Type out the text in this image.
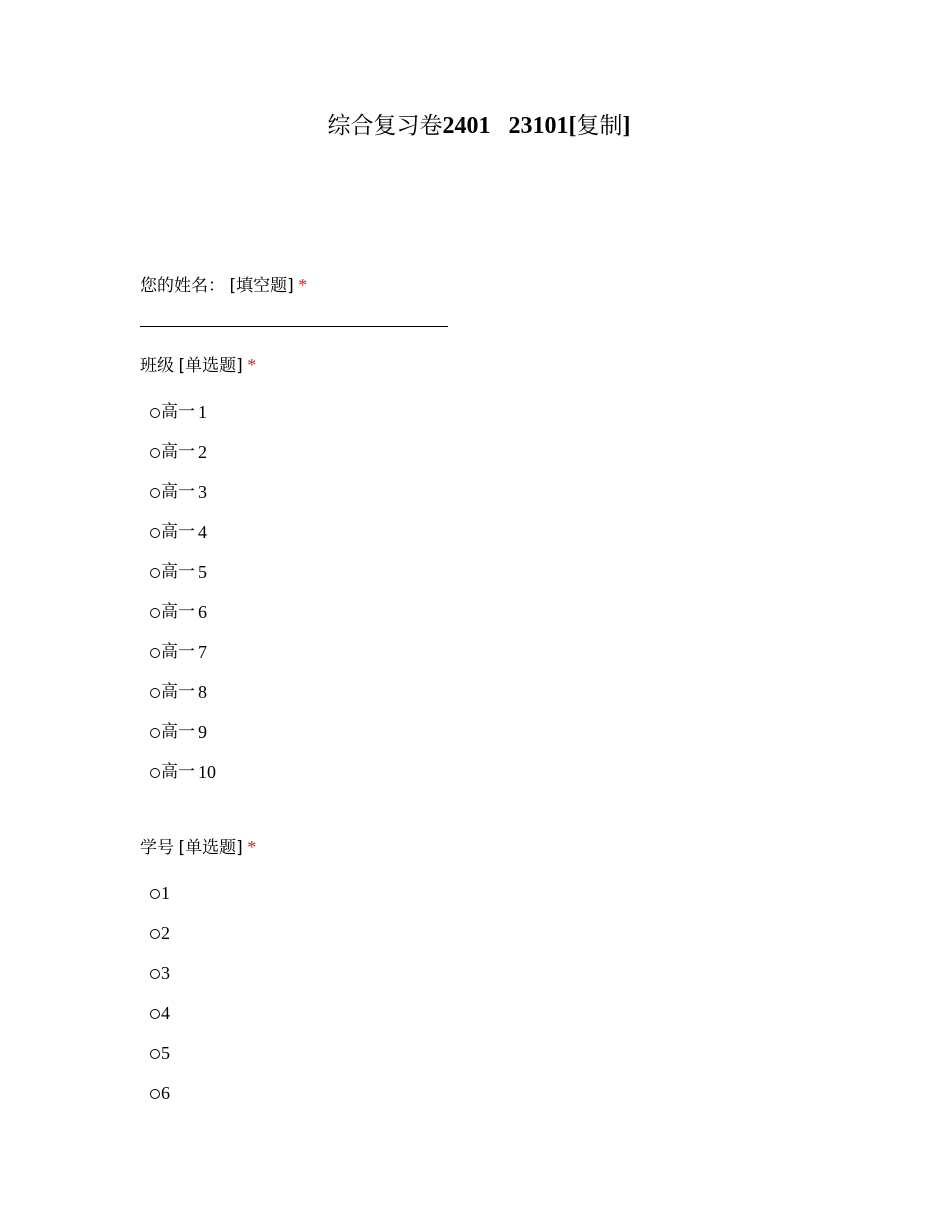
综合复习卷2401 23101[复制]
您的姓名： [填空题] *
班级 [单选题] *
高一 1
高一 2
高一 3
高一 4
高一 5
高一 6
高一 7
高一 8
高一 9
高一 10
学号 [单选题] *
1
2
3
4
5
6
